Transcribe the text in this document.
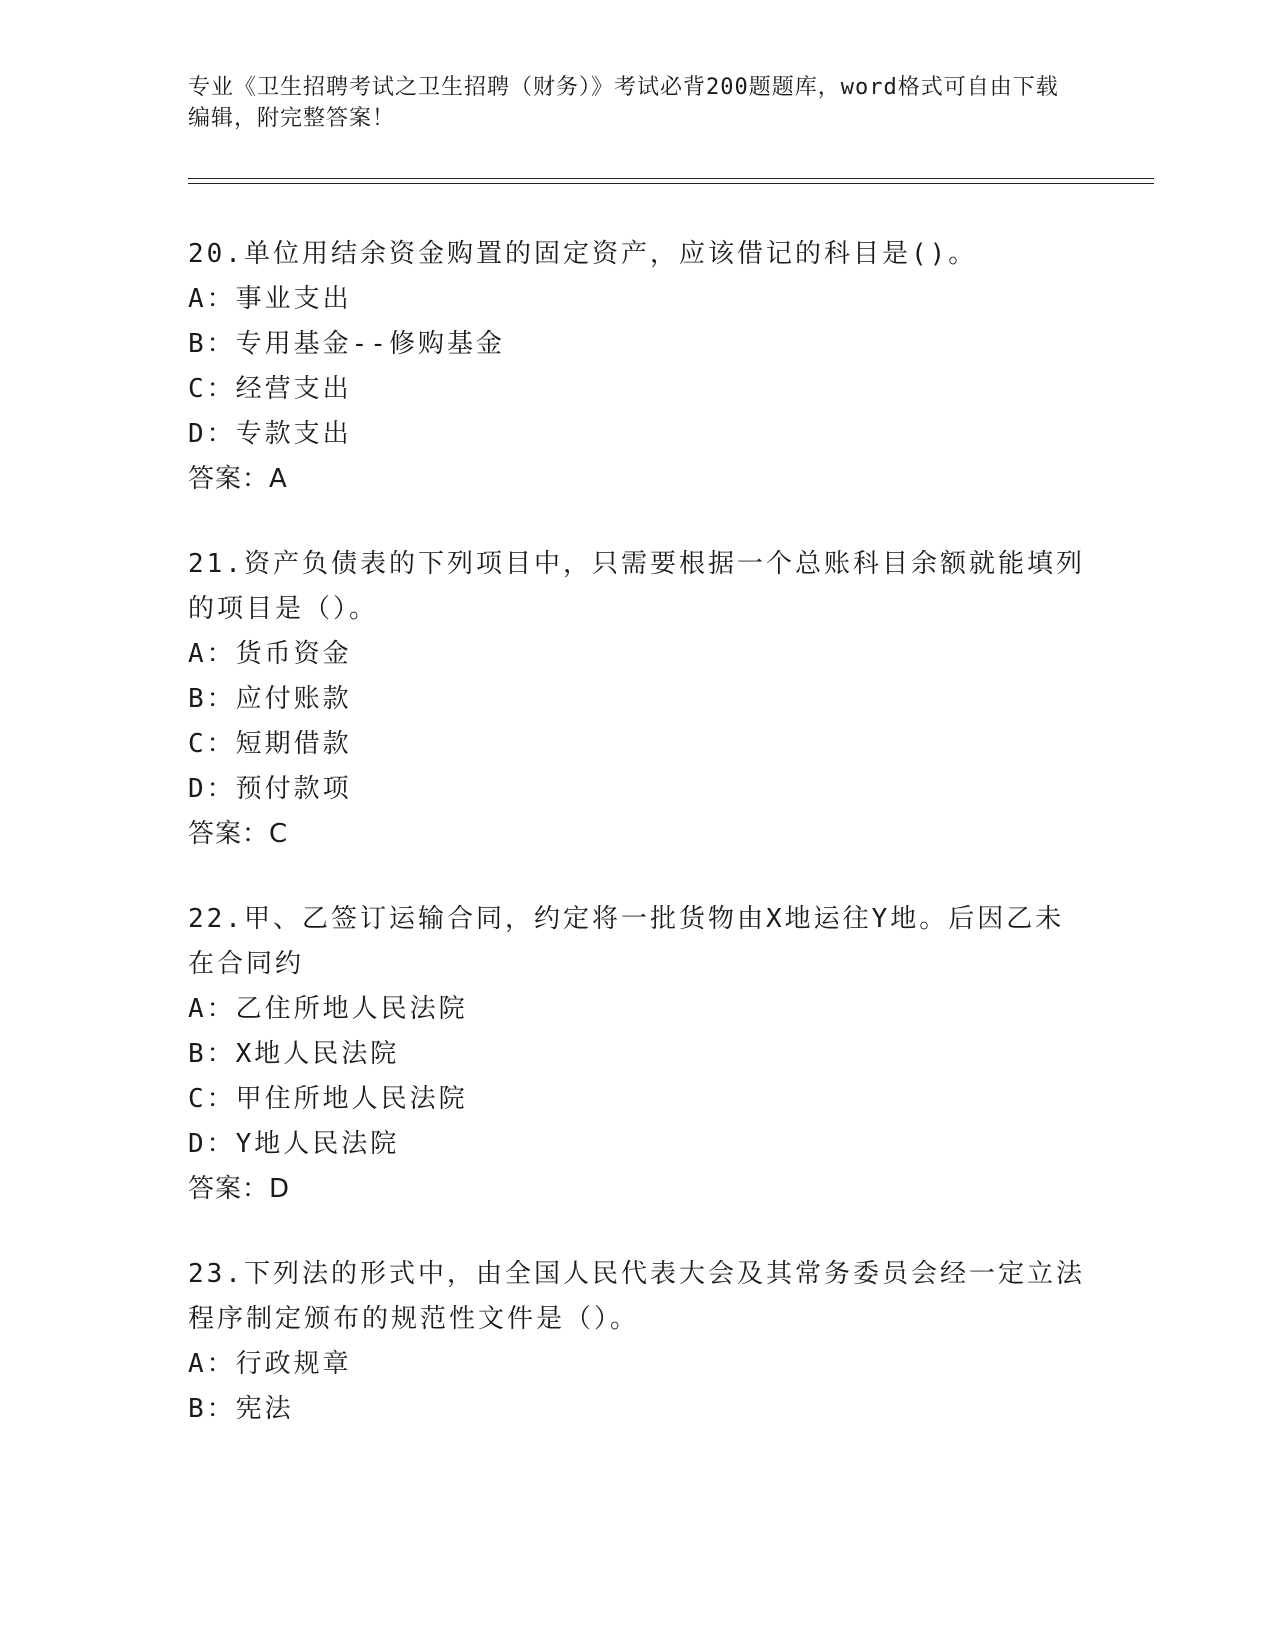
专业《卫生招聘考试之卫生招聘（财务）》考试必背200题题库，word格式可自由下载编辑，附完整答案！
20.单位用结余资金购置的固定资产，应该借记的科目是()。
A：事业支出
B：专用基金--修购基金
C：经营支出
D：专款支出
答案：A
21.资产负债表的下列项目中，只需要根据一个总账科目余额就能填列的项目是（）。
A：货币资金
B：应付账款
C：短期借款
D：预付款项
答案：C
22.甲、乙签订运输合同，约定将一批货物由X地运往Y地。后因乙未在合同约
A：乙住所地人民法院
B：X地人民法院
C：甲住所地人民法院
D：Y地人民法院
答案：D
23.下列法的形式中，由全国人民代表大会及其常务委员会经一定立法程序制定颁布的规范性文件是（）。
A：行政规章
B：宪法
